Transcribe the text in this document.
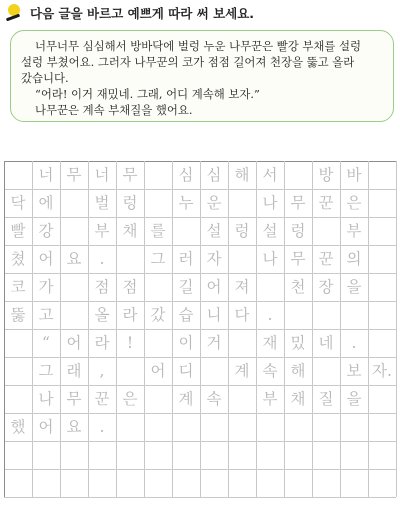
다음 글을 바르고 예쁘게 따라 써 보세요.
너무너무 심심해서 방바닥에 벌렁 누운 나무꾼은 빨강 부채를 설렁
설렁 부쳤어요. 그러자 나무꾼의 코가 점점 길어져 천장을 뚫고 올라
갔습니다.
“어라! 이거 재밌네. 그래, 어디 계속해 보자.”
나무꾼은 계속 부채질을 했어요.
너 무 너 무	심 심 해 서	방 바
닥 에	벌 렁	누 운	나 무 꾼 은
빨 강	부 채 를	설 렁 설 렁	부
쳤 어 요	.	그 러 자	나 무 꾼 의
코 가	점 점	길 어 져	천 장 을
뚫 고	올 라 갔 습 니 다	.
“	어 라	!	이 거	재 밌 네	.
그 래	,	어 디	계 속 해	보 자.
나 무 꾼 은	계 속	부 채 질 을
했 어 요	.
